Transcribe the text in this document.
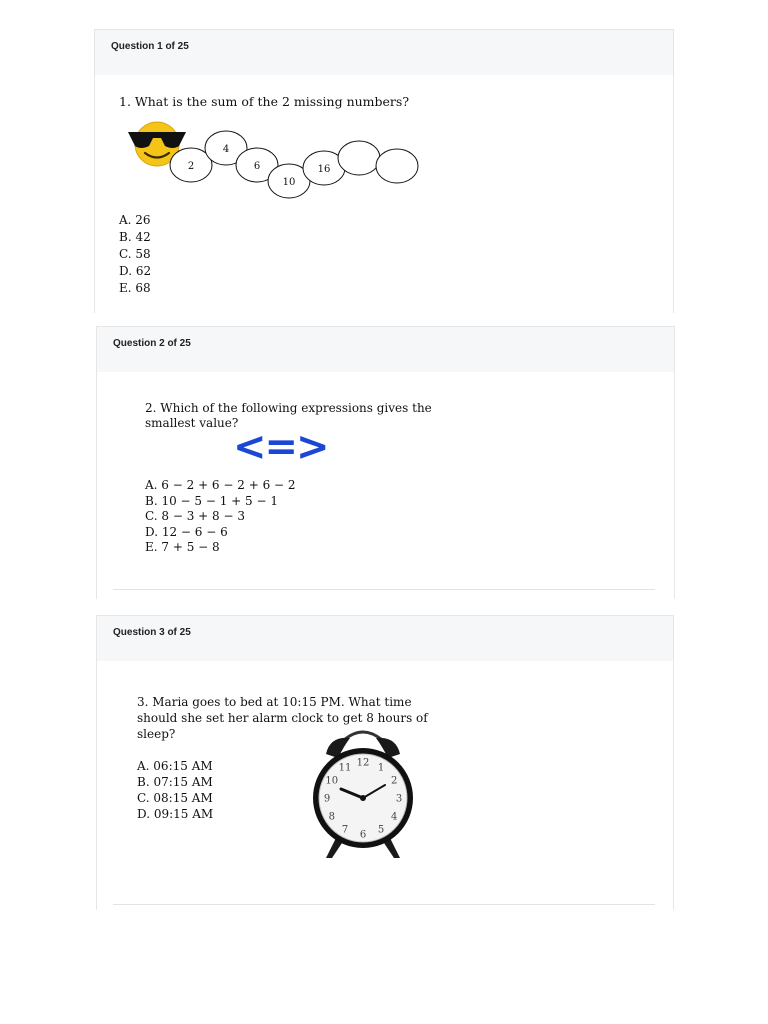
Question 1 of 25

1. What is the sum of the 2 missing numbers?

2
4
6
10
16
A. 26
B. 42
C. 58
D. 62
E. 68
Question 2 of 25

2. Which of the following expressions gives the

smallest value?

<=>
A. 6 − 2 + 6 − 2 + 6 − 2
B. 10 − 5 − 1 + 5 − 1
C. 8 − 3 + 8 − 3
D. 12 − 6 − 6
E. 7 + 5 − 8
Question 3 of 25

3. Maria goes to bed at 10:15 PM. What time

should she set her alarm clock to get 8 hours of

sleep?

A. 06:15 AM
B. 07:15 AM
C. 08:15 AM
D. 09:15 AM
12 1
2
3
4
5
6
7
8
9
10
11
